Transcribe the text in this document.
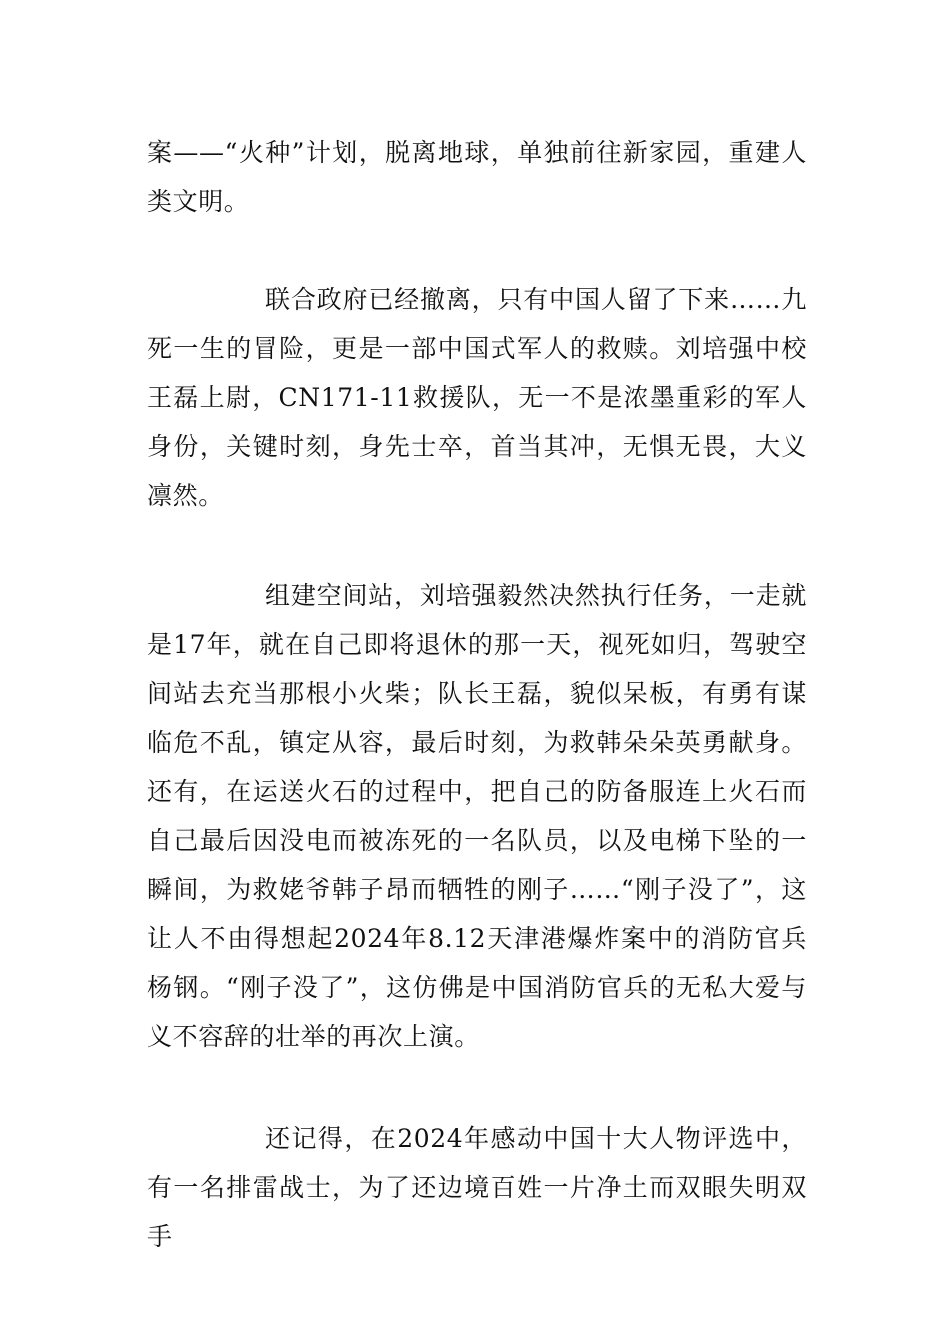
案——“火种”计划，脱离地球，单独前往新家园，重建人类文明。

联合政府已经撤离，只有中国人留了下来……九死一生的冒险，更是一部中国式军人的救赎。刘培强中校王磊上尉，CN171-11救援队，无一不是浓墨重彩的军人身份，关键时刻，身先士卒，首当其冲，无惧无畏，大义凛然。

组建空间站，刘培强毅然决然执行任务，一走就是17年，就在自己即将退休的那一天，视死如归，驾驶空间站去充当那根小火柴；队长王磊，貌似呆板，有勇有谋临危不乱，镇定从容，最后时刻，为救韩朵朵英勇献身。还有，在运送火石的过程中，把自己的防备服连上火石而自己最后因没电而被冻死的一名队员，以及电梯下坠的一瞬间，为救姥爷韩子昂而牺牲的刚子……“刚子没了”，这让人不由得想起2024年8.12天津港爆炸案中的消防官兵杨钢。“刚子没了”，这仿佛是中国消防官兵的无私大爱与义不容辞的壮举的再次上演。

还记得，在2024年感动中国十大人物评选中，有一名排雷战士，为了还边境百姓一片净土而双眼失明双手
